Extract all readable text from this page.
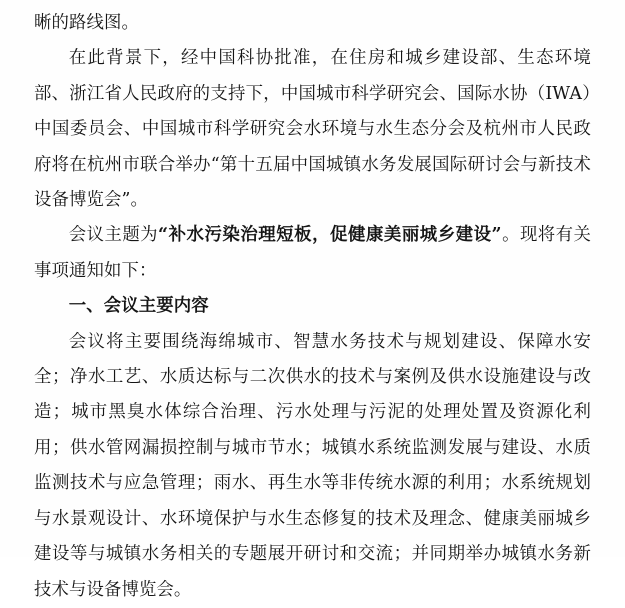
晰的路线图。

在此背景下，经中国科协批准，在住房和城乡建设部、生态环境部、浙江省人民政府的支持下，中国城市科学研究会、国际水协（IWA）中国委员会、中国城市科学研究会水环境与水生态分会及杭州市人民政府将在杭州市联合举办“第十五届中国城镇水务发展国际研讨会与新技术设备博览会”。

会议主题为“补水污染治理短板，促健康美丽城乡建设”。现将有关事项通知如下：

一、会议主要内容

会议将主要围绕海绵城市、智慧水务技术与规划建设、保障水安全；净水工艺、水质达标与二次供水的技术与案例及供水设施建设与改造；城市黑臭水体综合治理、污水处理与污泥的处理处置及资源化利用；供水管网漏损控制与城市节水；城镇水系统监测发展与建设、水质监测技术与应急管理；雨水、再生水等非传统水源的利用；水系统规划与水景观设计、水环境保护与水生态修复的技术及理念、健康美丽城乡建设等与城镇水务相关的专题展开研讨和交流；并同期举办城镇水务新技术与设备博览会。
